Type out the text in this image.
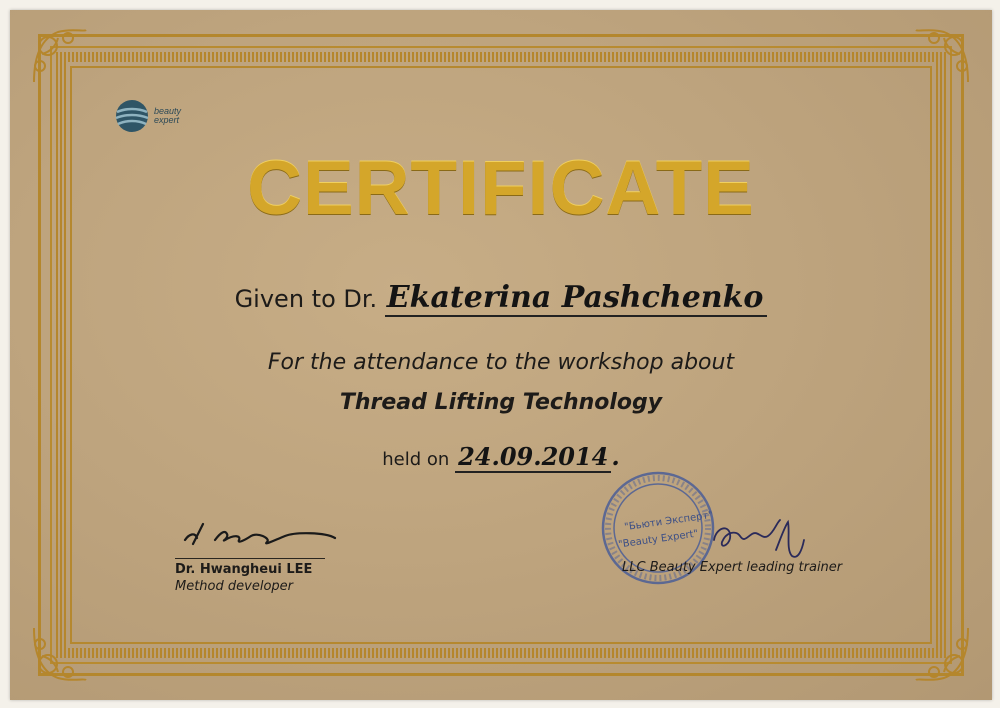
beauty
expert
CERTIFICATE
Given to Dr. Ekaterina Pashchenko
For the attendance to the workshop about
Thread Lifting Technology
held on 24.09.2014 .
Dr. Hwangheui LEE
Method developer
"Бьюти Эксперт"
"Beauty Expert"
LLC Beauty Expert leading trainer
